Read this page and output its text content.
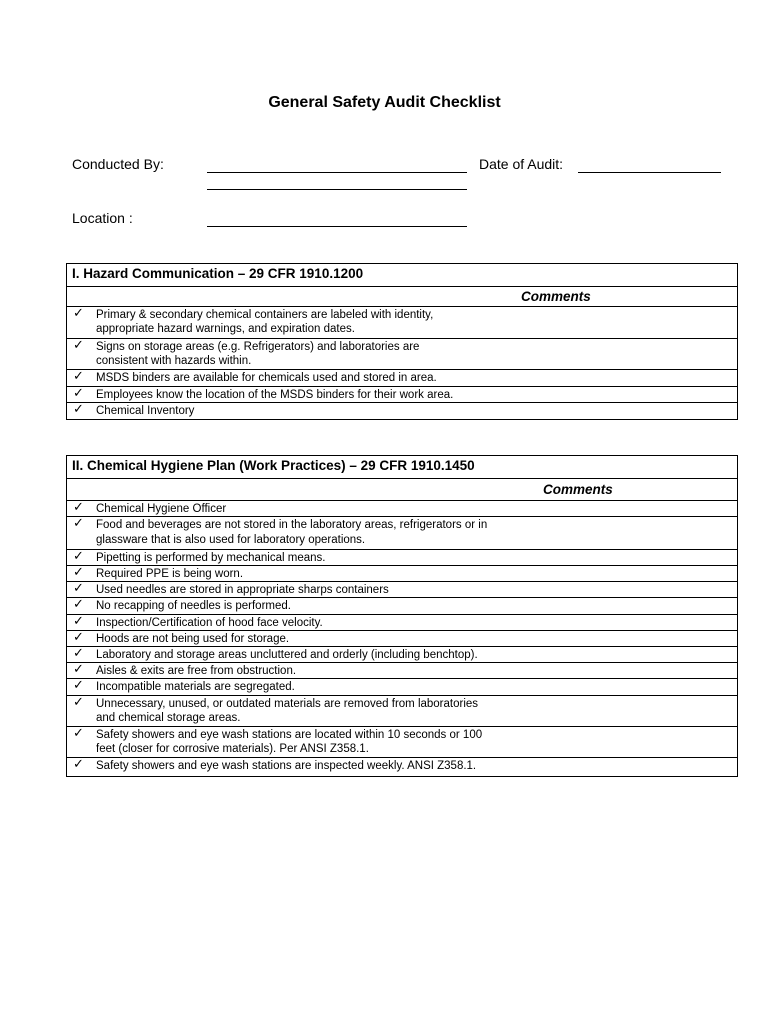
General Safety Audit Checklist
Conducted By:	Date of Audit:
Location :
I. Hazard Communication – 29 CFR 1910.1200
Comments
✓ Primary & secondary chemical containers are labeled with identity,
appropriate hazard warnings, and expiration dates.
✓ Signs on storage areas (e.g. Refrigerators) and laboratories are
consistent with hazards within.
✓ MSDS binders are available for chemicals used and stored in area.
✓ Employees know the location of the MSDS binders for their work area.
✓ Chemical Inventory
II. Chemical Hygiene Plan (Work Practices) – 29 CFR 1910.1450
Comments
✓ Chemical Hygiene Officer
✓ Food and beverages are not stored in the laboratory areas, refrigerators or in
glassware that is also used for laboratory operations.
✓ Pipetting is performed by mechanical means.
✓ Required PPE is being worn.
✓ Used needles are stored in appropriate sharps containers
✓ No recapping of needles is performed.
✓ Inspection/Certification of hood face velocity.
✓ Hoods are not being used for storage.
✓ Laboratory and storage areas uncluttered and orderly (including benchtop).
✓ Aisles & exits are free from obstruction.
✓ Incompatible materials are segregated.
✓ Unnecessary, unused, or outdated materials are removed from laboratories
and chemical storage areas.
✓ Safety showers and eye wash stations are located within 10 seconds or 100
feet (closer for corrosive materials). Per ANSI Z358.1.
✓ Safety showers and eye wash stations are inspected weekly. ANSI Z358.1.
